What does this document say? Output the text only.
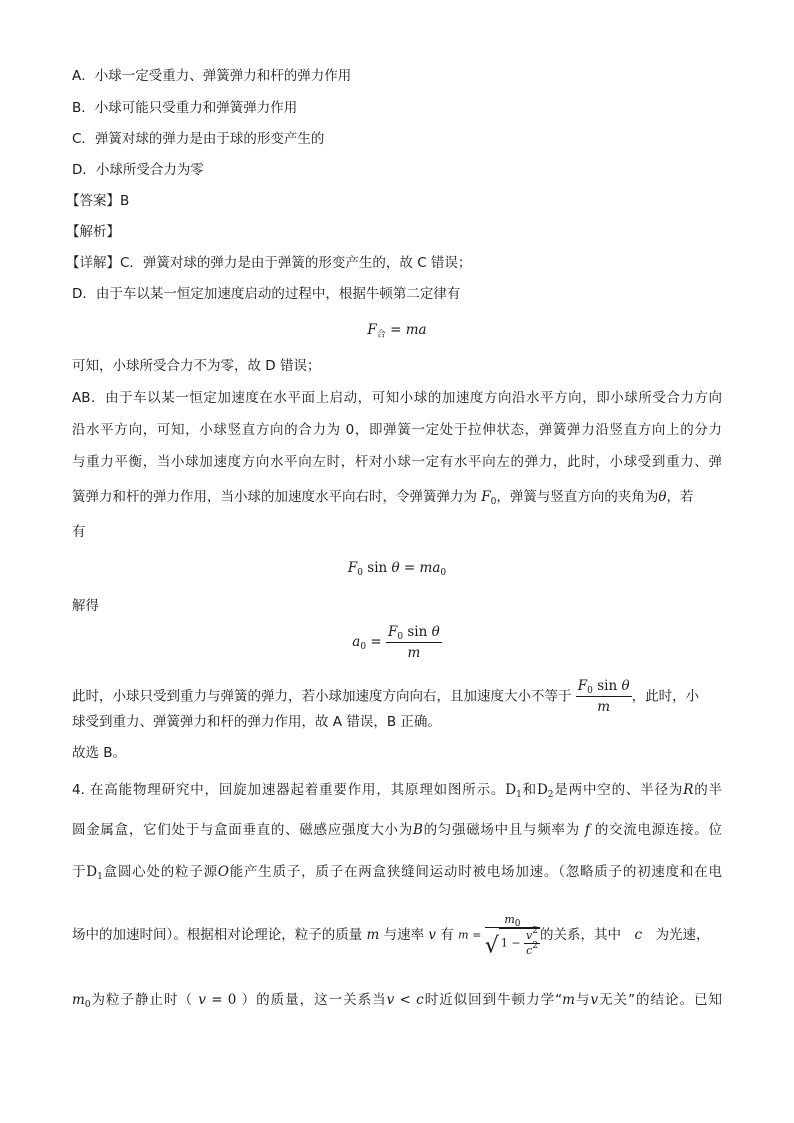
A．小球一定受重力、弹簧弹力和杆的弹力作用
B．小球可能只受重力和弹簧弹力作用
C．弹簧对球的弹力是由于球的形变产生的
D．小球所受合力为零
【答案】B
【解析】
【详解】C．弹簧对球的弹力是由于弹簧的形变产生的，故 C 错误；
D．由于车以某一恒定加速度启动的过程中，根据牛顿第二定律有
$F_合$ = ma
可知，小球所受合力不为零，故 D 错误；
AB．由于车以某一恒定加速度在水平面上启动，可知小球的加速度方向沿水平方向，即小球所受合力方向
沿水平方向，可知，小球竖直方向的合力为 0，即弹簧一定处于拉伸状态，弹簧弹力沿竖直方向上的分力
与重力平衡，当小球加速度方向水平向左时，杆对小球一定有水平向左的弹力，此时，小球受到重力、弹
簧弹力和杆的弹力作用，当小球的加速度水平向右时，令弹簧弹力为 $F_0$，弹簧与竖直方向的夹角为θ，若
有
$F_0$ $\sin \theta = ma_0$
解得
$a_0 = \frac{F_0 \sin \theta}{m}$
此时，小球只受到重力与弹簧的弹力，若小球加速度方向向右，且加速度大小不等于 $\frac{F_0 \sin \theta}{m}$ ，此时，小
球受到重力、弹簧弹力和杆的弹力作用，故 A 错误，B 正确。
故选 B。
4. 在高能物理研究中，回旋加速器起着重要作用，其原理如图所示。$D_1$和$D_2$是两中空的、半径为R的半
圆金属盒，它们处于与盒面垂直的、磁感应强度大小为B的匀强磁场中且与频率为 f 的交流电源连接。位
于$D_1$盒圆心处的粒子源O能产生质子，质子在两盒狭缝间运动时被电场加速。（忽略质子的初速度和在电
场中的加速时间）。根据相对论理论，粒子的质量 m 与速率 v 有 $m = \frac{m_0}{√ 1 - \frac{v^2}{c^2}}$ 的关系，其中　c　为光速，
$m_0$为粒子静止时（ v = 0 ）的质量，这一关系当v < c时近似回到牛顿力学“m与v无关”的结论。已知
